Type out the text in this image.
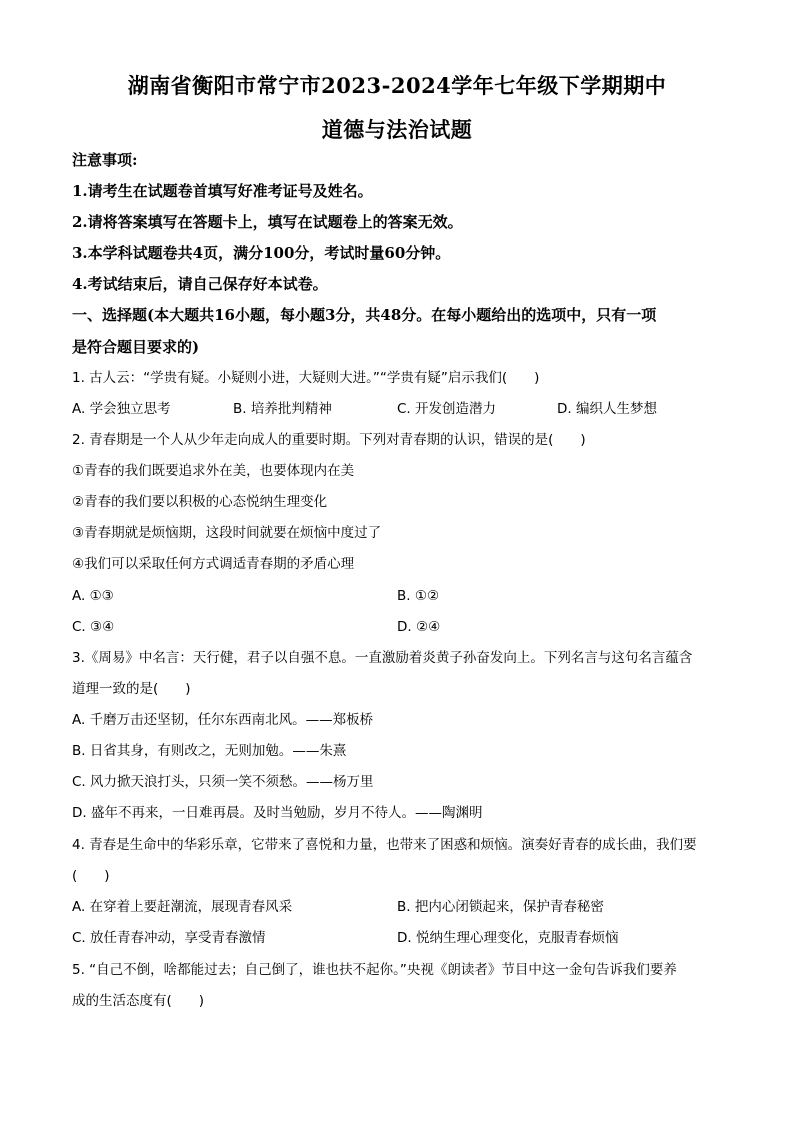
湖南省衡阳市常宁市2023-2024学年七年级下学期期中
道德与法治试题
注意事项:
1.请考生在试题卷首填写好准考证号及姓名。
2.请将答案填写在答题卡上，填写在试题卷上的答案无效。
3.本学科试题卷共4页，满分100分，考试时量60分钟。
4.考试结束后，请自己保存好本试卷。
一、选择题(本大题共16小题，每小题3分，共48分。在每小题给出的选项中，只有一项
是符合题目要求的)
1. 古人云：“学贵有疑。小疑则小进，大疑则大进。”“学贵有疑”启示我们(　　)
A. 学会独立思考	B. 培养批判精神	C. 开发创造潜力	D. 编织人生梦想
2. 青春期是一个人从少年走向成人的重要时期。下列对青春期的认识，错误的是(　　)
①青春的我们既要追求外在美，也要体现内在美
②青春的我们要以积极的心态悦纳生理变化
③青春期就是烦恼期，这段时间就要在烦恼中度过了
④我们可以采取任何方式调适青春期的矛盾心理
A. ①③	B. ①②
C. ③④	D. ②④
3.《周易》中名言：天行健，君子以自强不息。一直激励着炎黄子孙奋发向上。下列名言与这句名言蕴含
道理一致的是(　　)
A. 千磨万击还坚韧，任尔东西南北风。——郑板桥
B. 日省其身，有则改之，无则加勉。——朱熹
C. 风力掀天浪打头，只须一笑不须愁。——杨万里
D. 盛年不再来，一日难再晨。及时当勉励，岁月不待人。——陶渊明
4. 青春是生命中的华彩乐章，它带来了喜悦和力量，也带来了困惑和烦恼。演奏好青春的成长曲，我们要
(　　)
A. 在穿着上要赶潮流，展现青春风采	B. 把内心闭锁起来，保护青春秘密
C. 放任青春冲动，享受青春激情	D. 悦纳生理心理变化，克服青春烦恼
5. “自己不倒，啥都能过去；自己倒了，谁也扶不起你。”央视《朗读者》节目中这一金句告诉我们要养
成的生活态度有(　　)
